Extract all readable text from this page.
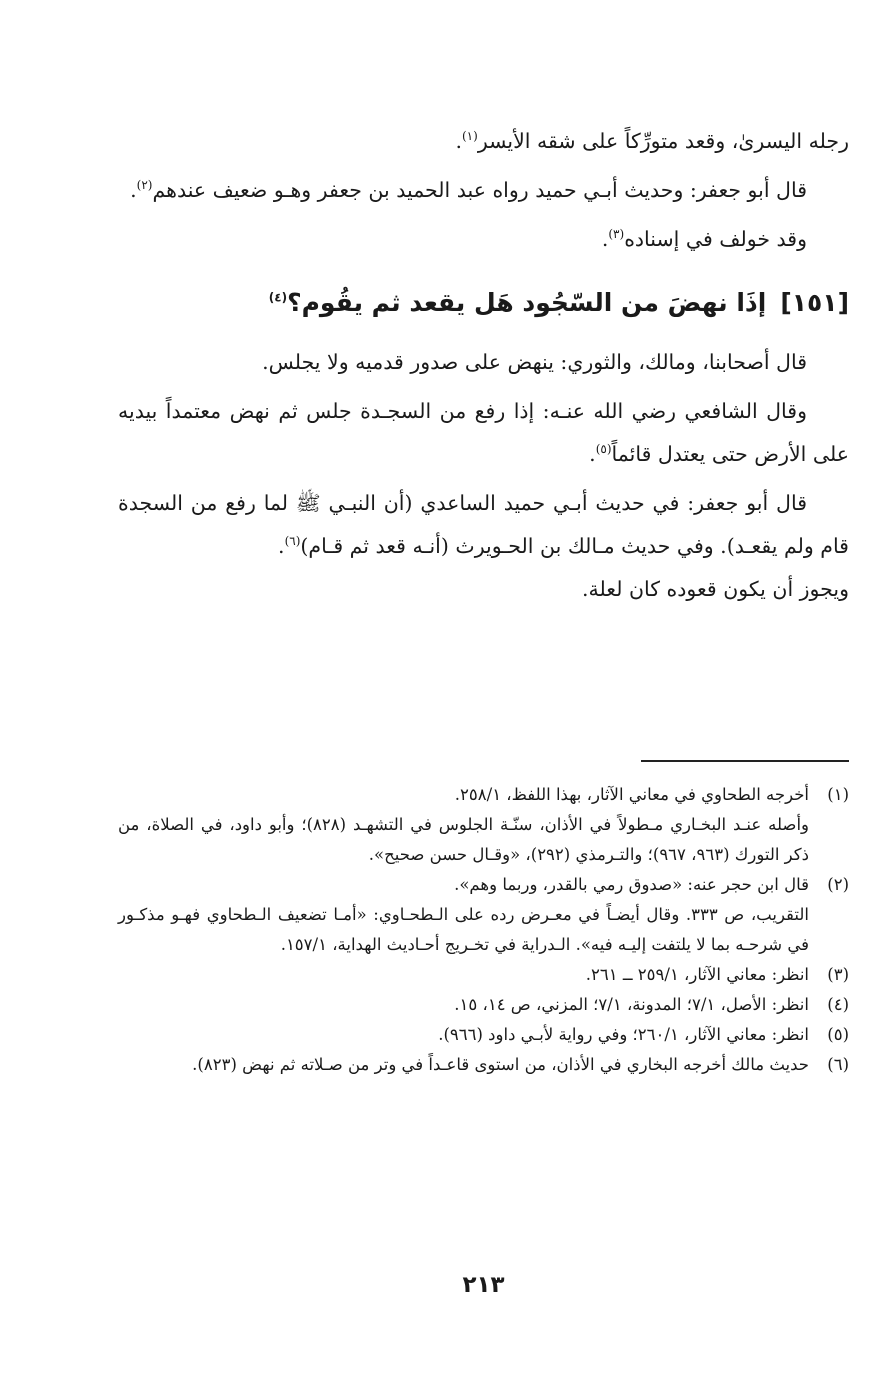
رجله اليسرىٰ، وقعد متورِّكاً على شقه الأيسر$^{(١)}$.

قال أبو جعفر: وحديث أبـي حميد رواه عبد الحميد بن جعفر وهـو ضعيف عندهم$^{(٢)}$.

وقد خولف في إسناده$^{(٣)}$.

[١٥١]إذَا نهضَ من السّجُود هَل يقعد ثم يقُوم؟$^{(٤)}$

قال أصحابنا، ومالك، والثوري: ينهض على صدور قدميه ولا يجلس.

وقال الشافعي رضي الله عنـه: إذا رفع من السجـدة جلس ثم نهض معتمداً بيديه على الأرض حتى يعتدل قائماً$^{(٥)}$.

قال أبو جعفر: في حديث أبـي حميد الساعدي (أن النبـي ﷺ لما رفع من السجدة قام ولم يقعـد). وفي حديث مـالك بن الحـويرث (أنـه قعد ثم قـام)$^{(٦)}$.

ويجوز أن يكون قعوده كان لعلة.

(١)

أخرجه الطحاوي في معاني الآثار، بهذا اللفظ، ٢٥٨/١.

وأصله عنـد البخـاري مـطولاً في الأذان، سنّـة الجلوس في التشهـد (٨٢٨)؛ وأبو داود، في الصلاة، من ذكر التورك (٩٦٣، ٩٦٧)؛ والتـرمذي (٢٩٢)، «وقـال حسن صحيح».

(٢)

قال ابن حجر عنه: «صدوق رمي بالقدر، وربما وهم».

التقريب، ص ٣٣٣. وقال أيضـاً في معـرض رده على الـطحـاوي: «أمـا تضعيف الـطحاوي فهـو مذكـور في شرحـه بما لا يلتفت إليـه فيه». الـدراية في تخـريج أحـاديث الهداية، ١٥٧/١.

(٣)

انظر: معاني الآثار، ٢٥٩/١ ــ ٢٦١.

(٤)

انظر: الأصل، ٧/١؛ المدونة، ٧/١؛ المزني، ص ١٤، ١٥.

(٥)

انظر: معاني الآثار، ٢٦٠/١؛ وفي رواية لأبـي داود (٩٦٦).

(٦)

حديث مالك أخرجه البخاري في الأذان، من استوى قاعـداً في وتر من صـلاته ثم نهض (٨٢٣).

٢١٣
